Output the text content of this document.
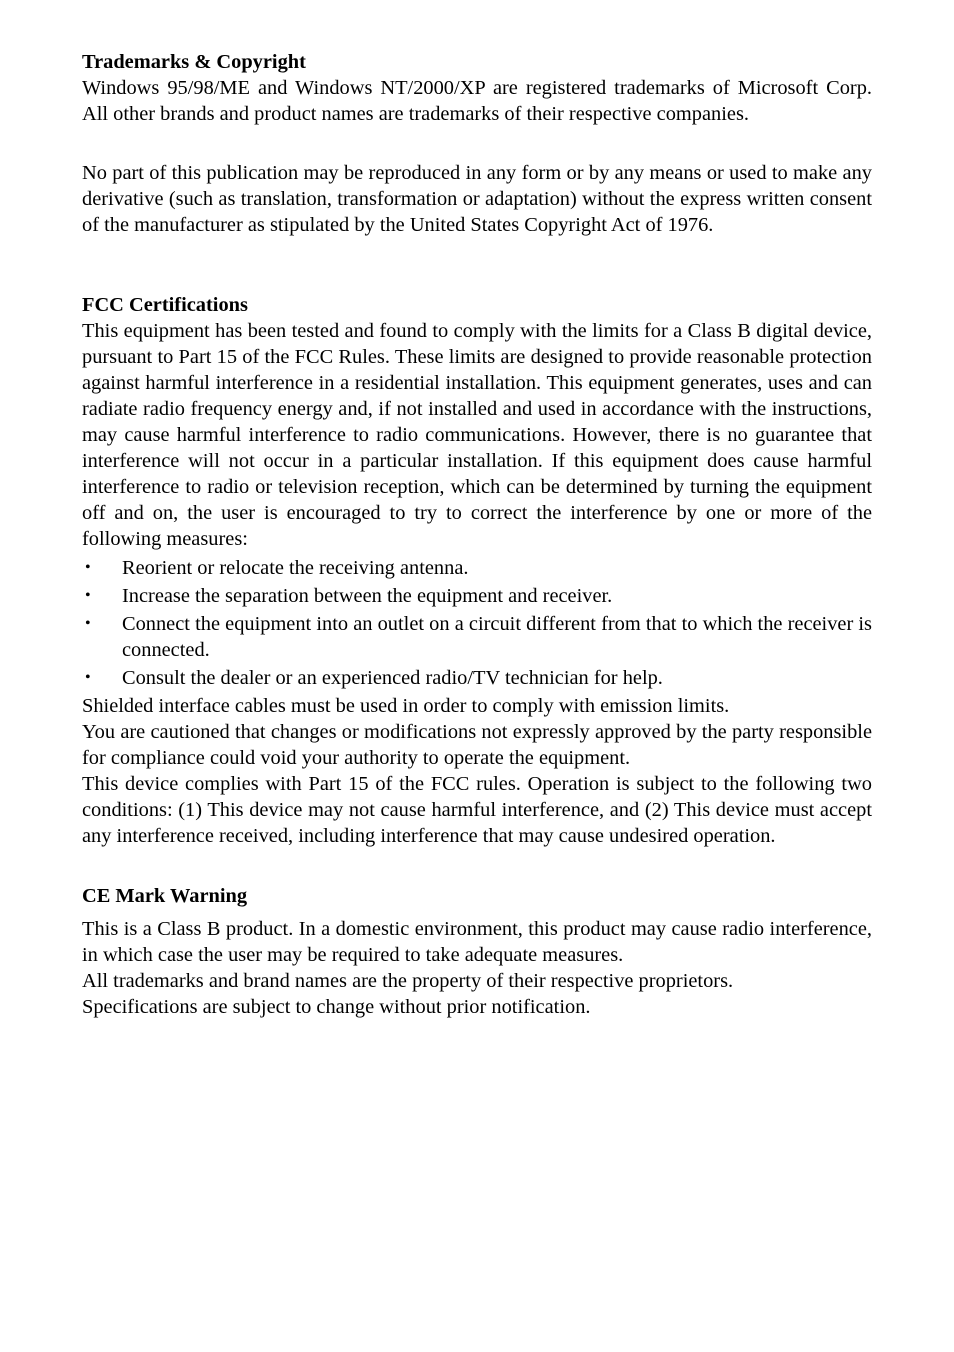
Trademarks & Copyright

Windows 95/98/ME and Windows NT/2000/XP are registered trademarks of Microsoft Corp. All other brands and product names are trademarks of their respective companies.

No part of this publication may be reproduced in any form or by any means or used to make any derivative (such as translation, transformation or adaptation) without the express written consent of the manufacturer as stipulated by the United States Copyright Act of 1976.

FCC Certifications

This equipment has been tested and found to comply with the limits for a Class B digital device, pursuant to Part 15 of the FCC Rules. These limits are designed to provide reasonable protection against harmful interference in a residential installation. This equipment generates, uses and can radiate radio frequency energy and, if not installed and used in accordance with the instructions, may cause harmful interference to radio communications. However, there is no guarantee that interference will not occur in a particular installation. If this equipment does cause harmful interference to radio or television reception, which can be determined by turning the equipment off and on, the user is encouraged to try to correct the interference by one or more of the following measures:

• Reorient or relocate the receiving antenna.
• Increase the separation between the equipment and receiver.
• Connect the equipment into an outlet on a circuit different from that to which the receiver is connected.
• Consult the dealer or an experienced radio/TV technician for help.

Shielded interface cables must be used in order to comply with emission limits.

You are cautioned that changes or modifications not expressly approved by the party responsible for compliance could void your authority to operate the equipment.

This device complies with Part 15 of the FCC rules. Operation is subject to the following two conditions: (1) This device may not cause harmful interference, and (2) This device must accept any interference received, including interference that may cause undesired operation.

CE Mark Warning

This is a Class B product. In a domestic environment, this product may cause radio interference, in which case the user may be required to take adequate measures.

All trademarks and brand names are the property of their respective proprietors.

Specifications are subject to change without prior notification.
